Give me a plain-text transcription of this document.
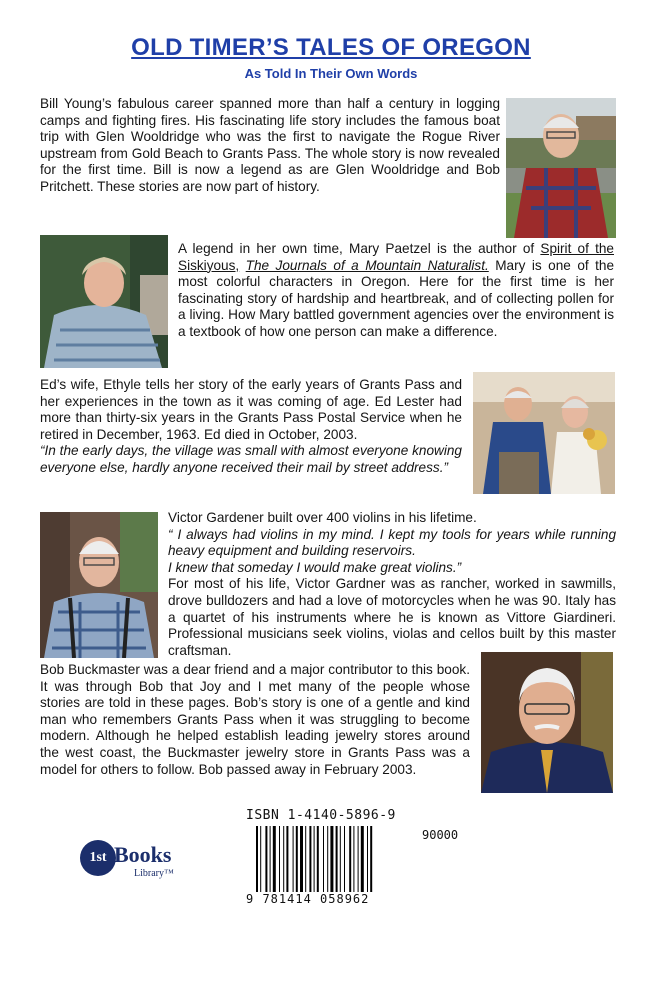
OLD TIMER’S TALES OF OREGON
As Told In Their Own Words
Bill Young’s fabulous career spanned more than half a century in logging camps and fighting fires. His fascinating life story includes the famous boat trip with Glen Wooldridge who was the first to navigate the Rogue River upstream from Gold Beach to Grants Pass. The whole story is now revealed for the first time. Bill is now a legend as are Glen Wooldridge and Bob Pritchett. These stories are now part of history.
A legend in her own time, Mary Paetzel is the author of Spirit of the Siskiyous, The Journals of a Mountain Naturalist. Mary is one of the most colorful characters in Oregon. Here for the first time is her fascinating story of hardship and heartbreak, and of collecting pollen for a living. How Mary battled government agencies over the environment is a textbook of how one person can make a difference.
Ed’s wife, Ethyle tells her story of the early years of Grants Pass and her experiences in the town as it was coming of age. Ed Lester had more than thirty-six years in the Grants Pass Postal Service when he retired in December, 1963. Ed died in October, 2003.
“In the early days, the village was small with almost everyone knowing everyone else, hardly anyone received their mail by street address.”
Victor Gardener built over 400 violins in his lifetime.
“ I always had violins in my mind. I kept my tools for years while running heavy equipment and building reservoirs.
I knew that someday I would make great violins.”
For most of his life, Victor Gardner was as rancher, worked in sawmills, drove bulldozers and had a love of motorcycles when he was 90. Italy has a quartet of his instruments where he is known as Vittore Giardineri. Professional musicians seek violins, violas and cellos built by this master craftsman.
Bob Buckmaster was a dear friend and a major contributor to this book. It was through Bob that Joy and I met many of the people whose stories are told in these pages. Bob’s story is one of a gentle and kind man who remembers Grants Pass when it was struggling to become modern. Although he helped establish leading jewelry stores around the west coast, the Buckmaster jewelry store in Grants Pass was a model for others to follow. Bob passed away in February 2003.
1st Books
Library™
ISBN 1-4140-5896-9
90000
9 781414 058962
